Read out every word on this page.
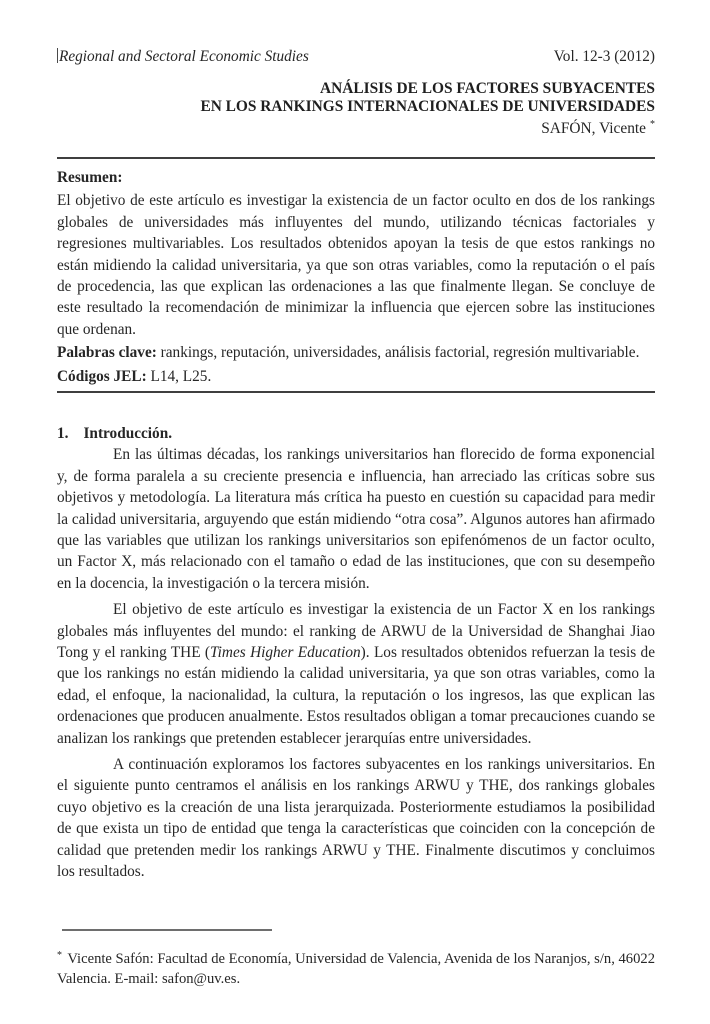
Regional and Sectoral Economic Studies	Vol. 12-3 (2012)
ANÁLISIS DE LOS FACTORES SUBYACENTES
EN LOS RANKINGS INTERNACIONALES DE UNIVERSIDADES
SAFÓN, Vicente *
Resumen:

El objetivo de este artículo es investigar la existencia de un factor oculto en dos de los rankings globales de universidades más influyentes del mundo, utilizando técnicas factoriales y regresiones multivariables. Los resultados obtenidos apoyan la tesis de que estos rankings no están midiendo la calidad universitaria, ya que son otras variables, como la reputación o el país de procedencia, las que explican las ordenaciones a las que finalmente llegan. Se concluye de este resultado la recomendación de minimizar la influencia que ejercen sobre las instituciones que ordenan.

Palabras clave: rankings, reputación, universidades, análisis factorial, regresión multivariable.

Códigos JEL: L14, L25.

1. Introducción.

En las últimas décadas, los rankings universitarios han florecido de forma exponencial y, de forma paralela a su creciente presencia e influencia, han arreciado las críticas sobre sus objetivos y metodología. La literatura más crítica ha puesto en cuestión su capacidad para medir la calidad universitaria, arguyendo que están midiendo “otra cosa”. Algunos autores han afirmado que las variables que utilizan los rankings universitarios son epifenómenos de un factor oculto, un Factor X, más relacionado con el tamaño o edad de las instituciones, que con su desempeño en la docencia, la investigación o la tercera misión.

El objetivo de este artículo es investigar la existencia de un Factor X en los rankings globales más influyentes del mundo: el ranking de ARWU de la Universidad de Shanghai Jiao Tong y el ranking THE (Times Higher Education). Los resultados obtenidos refuerzan la tesis de que los rankings no están midiendo la calidad universitaria, ya que son otras variables, como la edad, el enfoque, la nacionalidad, la cultura, la reputación o los ingresos, las que explican las ordenaciones que producen anualmente. Estos resultados obligan a tomar precauciones cuando se analizan los rankings que pretenden establecer jerarquías entre universidades.

A continuación exploramos los factores subyacentes en los rankings universitarios. En el siguiente punto centramos el análisis en los rankings ARWU y THE, dos rankings globales cuyo objetivo es la creación de una lista jerarquizada. Posteriormente estudiamos la posibilidad de que exista un tipo de entidad que tenga la características que coinciden con la concepción de calidad que pretenden medir los rankings ARWU y THE. Finalmente discutimos y concluimos los resultados.

* Vicente Safón: Facultad de Economía, Universidad de Valencia, Avenida de los Naranjos, s/n, 46022 Valencia. E-mail: safon@uv.es.
